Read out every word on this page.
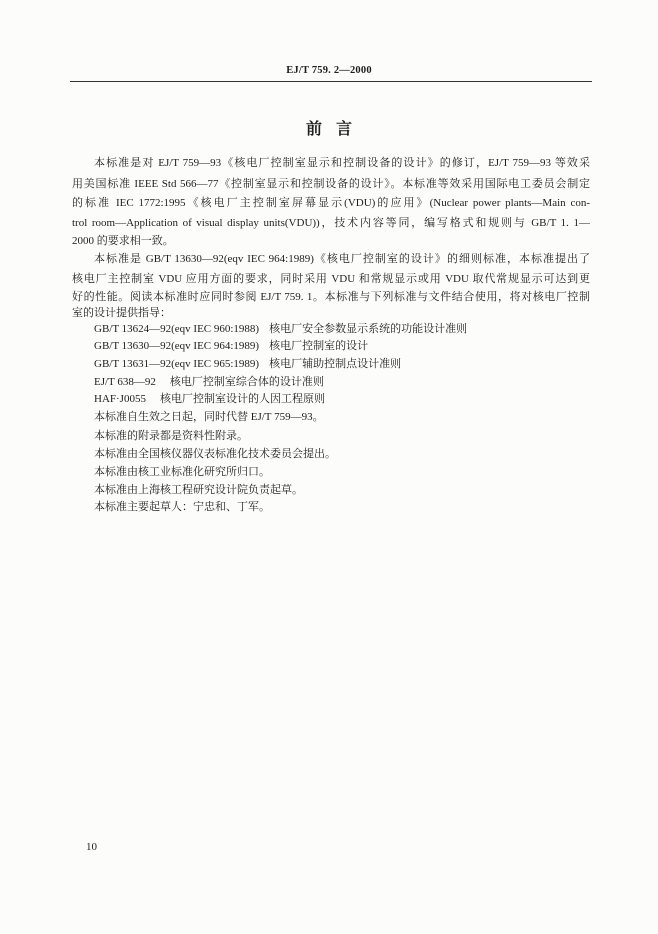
EJ/T 759. 2—2000
前言
本标准是对 EJ/T 759—93《核电厂控制室显示和控制设备的设计》的修订，EJ/T 759—93 等效采
用美国标准 IEEE Std 566—77《控制室显示和控制设备的设计》。本标准等效采用国际电工委员会制定
的标准 IEC 1772:1995《核电厂主控制室屏幕显示(VDU)的应用》(Nuclear power plants—Main con-
trol room—Application of visual display units(VDU))，技术内容等同，编写格式和规则与 GB/T 1. 1—
2000 的要求相一致。
本标准是 GB/T 13630—92(eqv IEC 964:1989)《核电厂控制室的设计》的细则标准，本标准提出了
核电厂主控制室 VDU 应用方面的要求，同时采用 VDU 和常规显示或用 VDU 取代常规显示可达到更
好的性能。阅读本标准时应同时参阅 EJ/T 759. 1。本标准与下列标准与文件结合使用，将对核电厂控制
室的设计提供指导：
GB/T 13624—92(eqv IEC 960:1988) 核电厂安全参数显示系统的功能设计准则
GB/T 13630—92(eqv IEC 964:1989) 核电厂控制室的设计
GB/T 13631—92(eqv IEC 965:1989) 核电厂辅助控制点设计准则
EJ/T 638—92 核电厂控制室综合体的设计准则
HAF·J0055 核电厂控制室设计的人因工程原则
本标准自生效之日起，同时代替 EJ/T 759—93。
本标准的附录都是资料性附录。
本标准由全国核仪器仪表标准化技术委员会提出。
本标准由核工业标准化研究所归口。
本标准由上海核工程研究设计院负责起草。
本标准主要起草人：宁忠和、丁军。
10
